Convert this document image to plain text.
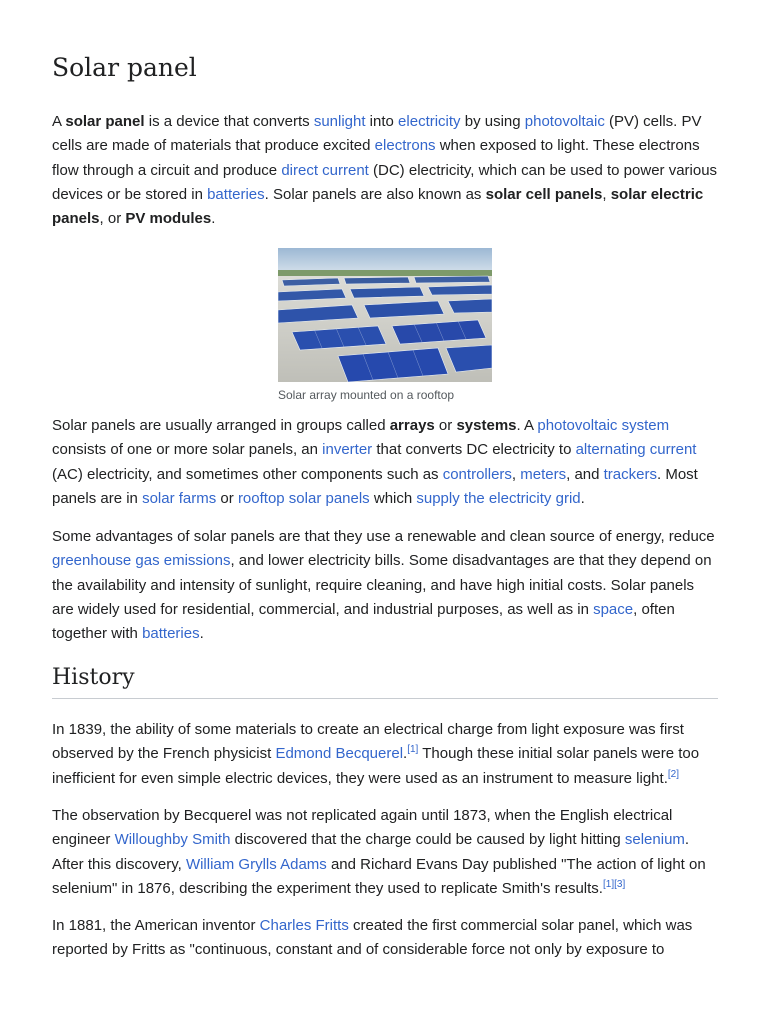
Solar panel

A solar panel is a device that converts sunlight into electricity by using photovoltaic (PV) cells. PV cells are made of materials that produce excited electrons when exposed to light. These electrons flow through a circuit and produce direct current (DC) electricity, which can be used to power various devices or be stored in batteries. Solar panels are also known as solar cell panels, solar electric panels, or PV modules.

Solar array mounted on a rooftop

Solar panels are usually arranged in groups called arrays or systems. A photovoltaic system consists of one or more solar panels, an inverter that converts DC electricity to alternating current (AC) electricity, and sometimes other components such as controllers, meters, and trackers. Most panels are in solar farms or rooftop solar panels which supply the electricity grid.

Some advantages of solar panels are that they use a renewable and clean source of energy, reduce greenhouse gas emissions, and lower electricity bills. Some disadvantages are that they depend on the availability and intensity of sunlight, require cleaning, and have high initial costs. Solar panels are widely used for residential, commercial, and industrial purposes, as well as in space, often together with batteries.

History

In 1839, the ability of some materials to create an electrical charge from light exposure was first observed by the French physicist Edmond Becquerel.[1] Though these initial solar panels were too inefficient for even simple electric devices, they were used as an instrument to measure light.[2]

The observation by Becquerel was not replicated again until 1873, when the English electrical engineer Willoughby Smith discovered that the charge could be caused by light hitting selenium. After this discovery, William Grylls Adams and Richard Evans Day published "The action of light on selenium" in 1876, describing the experiment they used to replicate Smith's results.[1][3]

In 1881, the American inventor Charles Fritts created the first commercial solar panel, which was reported by Fritts as "continuous, constant and of considerable force not only by exposure to
